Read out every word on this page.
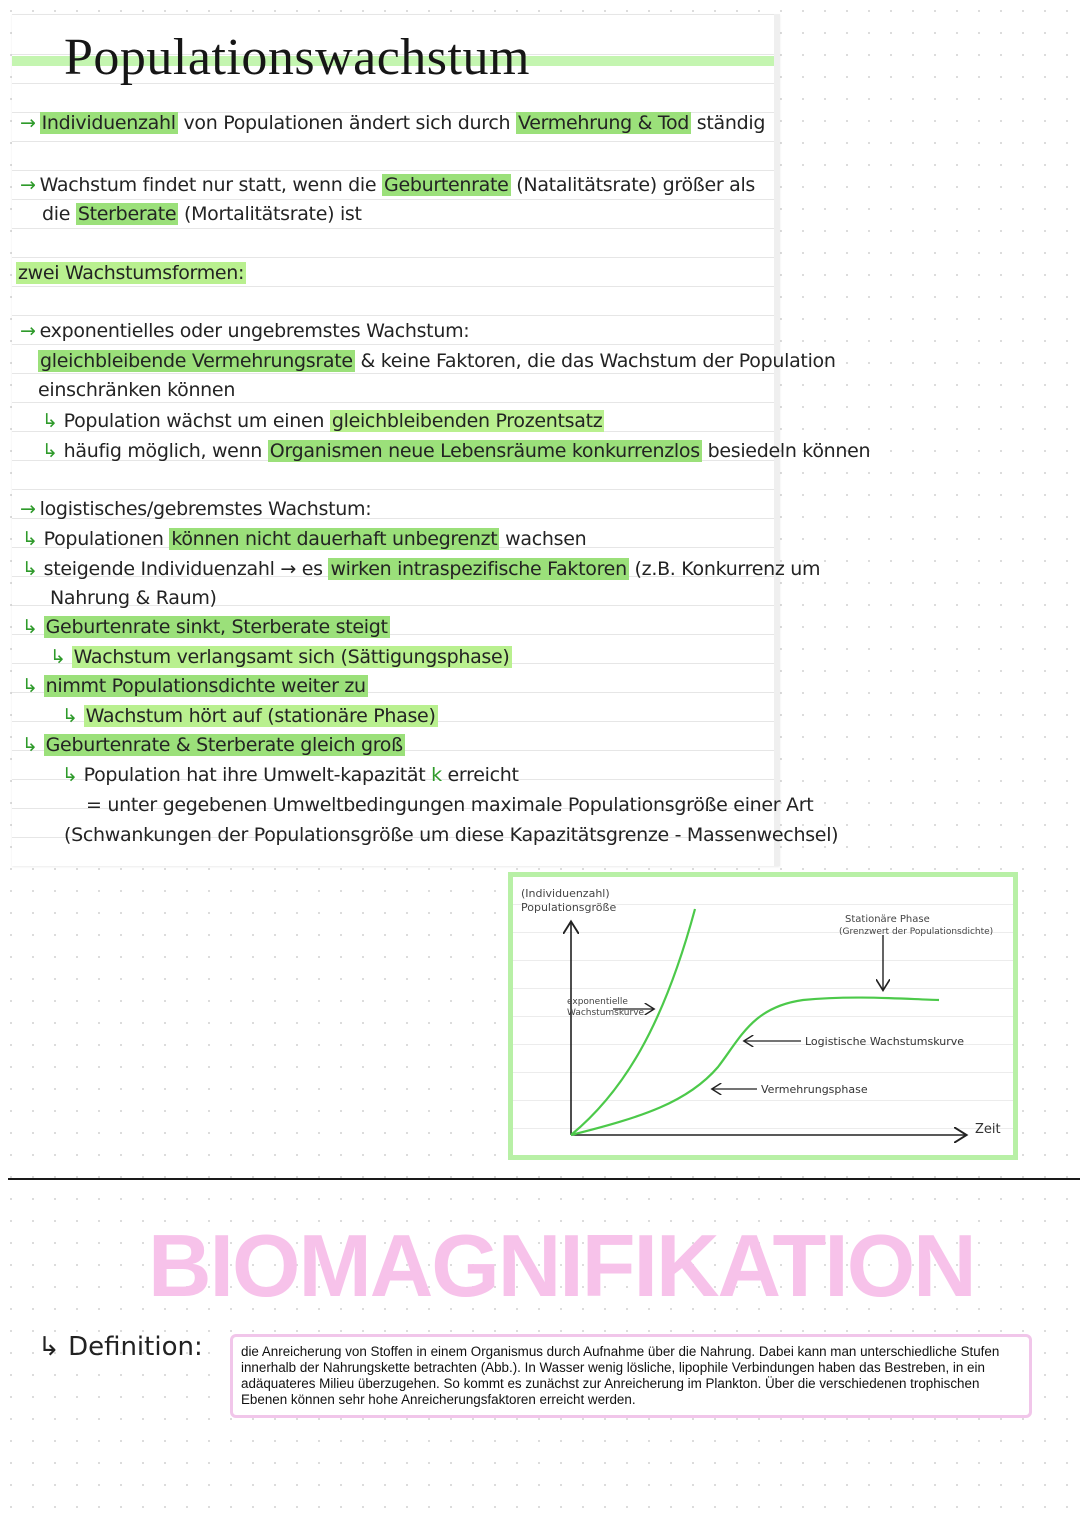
Populationswachstum
→ Individuenzahl von Populationen ändert sich durch Vermehrung & Tod ständig
→ Wachstum findet nur statt, wenn die Geburtenrate (Natalitätsrate) größer als
die Sterberate (Mortalitätsrate) ist
zwei Wachstumsformen:
→ exponentielles oder ungebremstes Wachstum:
gleichbleibende Vermehrungsrate & keine Faktoren, die das Wachstum der Population
einschränken können
↳ Population wächst um einen gleichbleibenden Prozentsatz
↳ häufig möglich, wenn Organismen neue Lebensräume konkurrenzlos besiedeln können
→ logistisches/gebremstes Wachstum:
↳ Populationen können nicht dauerhaft unbegrenzt wachsen
↳ steigende Individuenzahl → es wirken intraspezifische Faktoren (z.B. Konkurrenz um
Nahrung & Raum)
↳ Geburtenrate sinkt, Sterberate steigt
↳ Wachstum verlangsamt sich (Sättigungsphase)
↳ nimmt Populationsdichte weiter zu
↳ Wachstum hört auf (stationäre Phase)
↳ Geburtenrate & Sterberate gleich groß
↳ Population hat ihre Umwelt-kapazität k erreicht
= unter gegebenen Umweltbedingungen maximale Populationsgröße einer Art
(Schwankungen der Populationsgröße um diese Kapazitätsgrenze - Massenwechsel)
(Individuenzahl)
Populationsgröße
Zeit
Stationäre Phase
(Grenzwert der Populationsdichte)
exponentielle
Wachstumskurve
Logistische Wachstumskurve
Vermehrungsphase
BIOMAGNIFIKATION
↳ Definition:	die Anreicherung von Stoffen in einem Organismus durch Aufnahme über die Nahrung. Dabei kann man unterschiedliche Stufen innerhalb der Nahrungskette betrachten (Abb.). In Wasser wenig lösliche, lipophile Verbindungen haben das Bestreben, in ein adäquateres Milieu überzugehen. So kommt es zunächst zur Anreicherung im Plankton. Über die verschiedenen trophischen Ebenen können sehr hohe Anreicherungsfaktoren erreicht werden.
